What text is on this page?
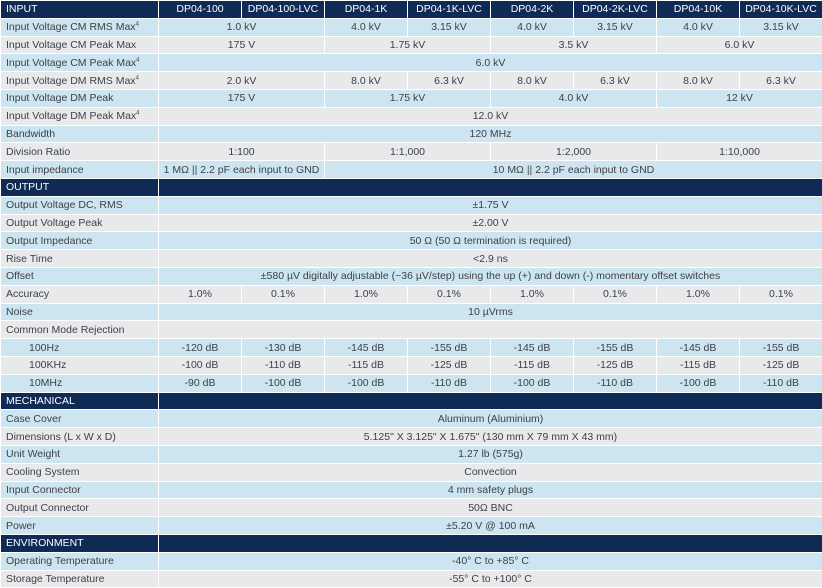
INPUT	DP04-100	DP04-100-LVC	DP04-1K	DP04-1K-LVC	DP04-2K	DP04-2K-LVC	DP04-10K	DP04-10K-LVC
Input Voltage CM RMS Max$^4$	1.0 kV		4.0 kV	3.15 kV	4.0 kV	3.15 kV	4.0 kV	3.15 kV
Input Voltage CM Peak Max	175 V		1.75 kV		3.5 kV		6.0 kV	
Input Voltage CM Peak Max$^4$	6.0 kV							
Input Voltage DM RMS Max$^4$	2.0 kV		8.0 kV	6.3 kV	8.0 kV	6.3 kV	8.0 kV	6.3 kV
Input Voltage DM Peak	175 V		1.75 kV		4.0 kV		12 kV	
Input Voltage DM Peak Max$^4$	12.0 kV							
Bandwidth	120 MHz							
Division Ratio	1:100		1:1,000		1:2,000		1:10,000	
Input impedance	1 MΩ || 2.2 pF each input to GND		10 MΩ || 2.2 pF each input to GND					
OUTPUT								
Output Voltage DC, RMS	±1.75 V							
Output Voltage Peak	±2.00 V							
Output Impedance	50 Ω (50 Ω termination is required)							
Rise Time	<2.9 ns							
Offset	±580 µV digitally adjustable (~36 µV/step) using the up (+) and down (-) momentary offset switches							
Accuracy	1.0%	0.1%	1.0%	0.1%	1.0%	0.1%	1.0%	0.1%
Noise	10 µVrms							
Common Mode Rejection								
100Hz	-120 dB	-130 dB	-145 dB	-155 dB	-145 dB	-155 dB	-145 dB	-155 dB
100KHz	-100 dB	-110 dB	-115 dB	-125 dB	-115 dB	-125 dB	-115 dB	-125 dB
10MHz	-90 dB	-100 dB	-100 dB	-110 dB	-100 dB	-110 dB	-100 dB	-110 dB
MECHANICAL								
Case Cover	Aluminum (Aluminium)							
Dimensions (L x W x D)	5.125" X 3.125" X 1.675" (130 mm X 79 mm X 43 mm)							
Unit Weight	1.27 lb (575g)							
Cooling System	Convection							
Input Connector	4 mm safety plugs							
Output Connector	50Ω BNC							
Power	±5.20 V @ 100 mA							
ENVIRONMENT								
Operating Temperature	-40° C to +85° C							
Storage Temperature	-55° C to +100° C							
